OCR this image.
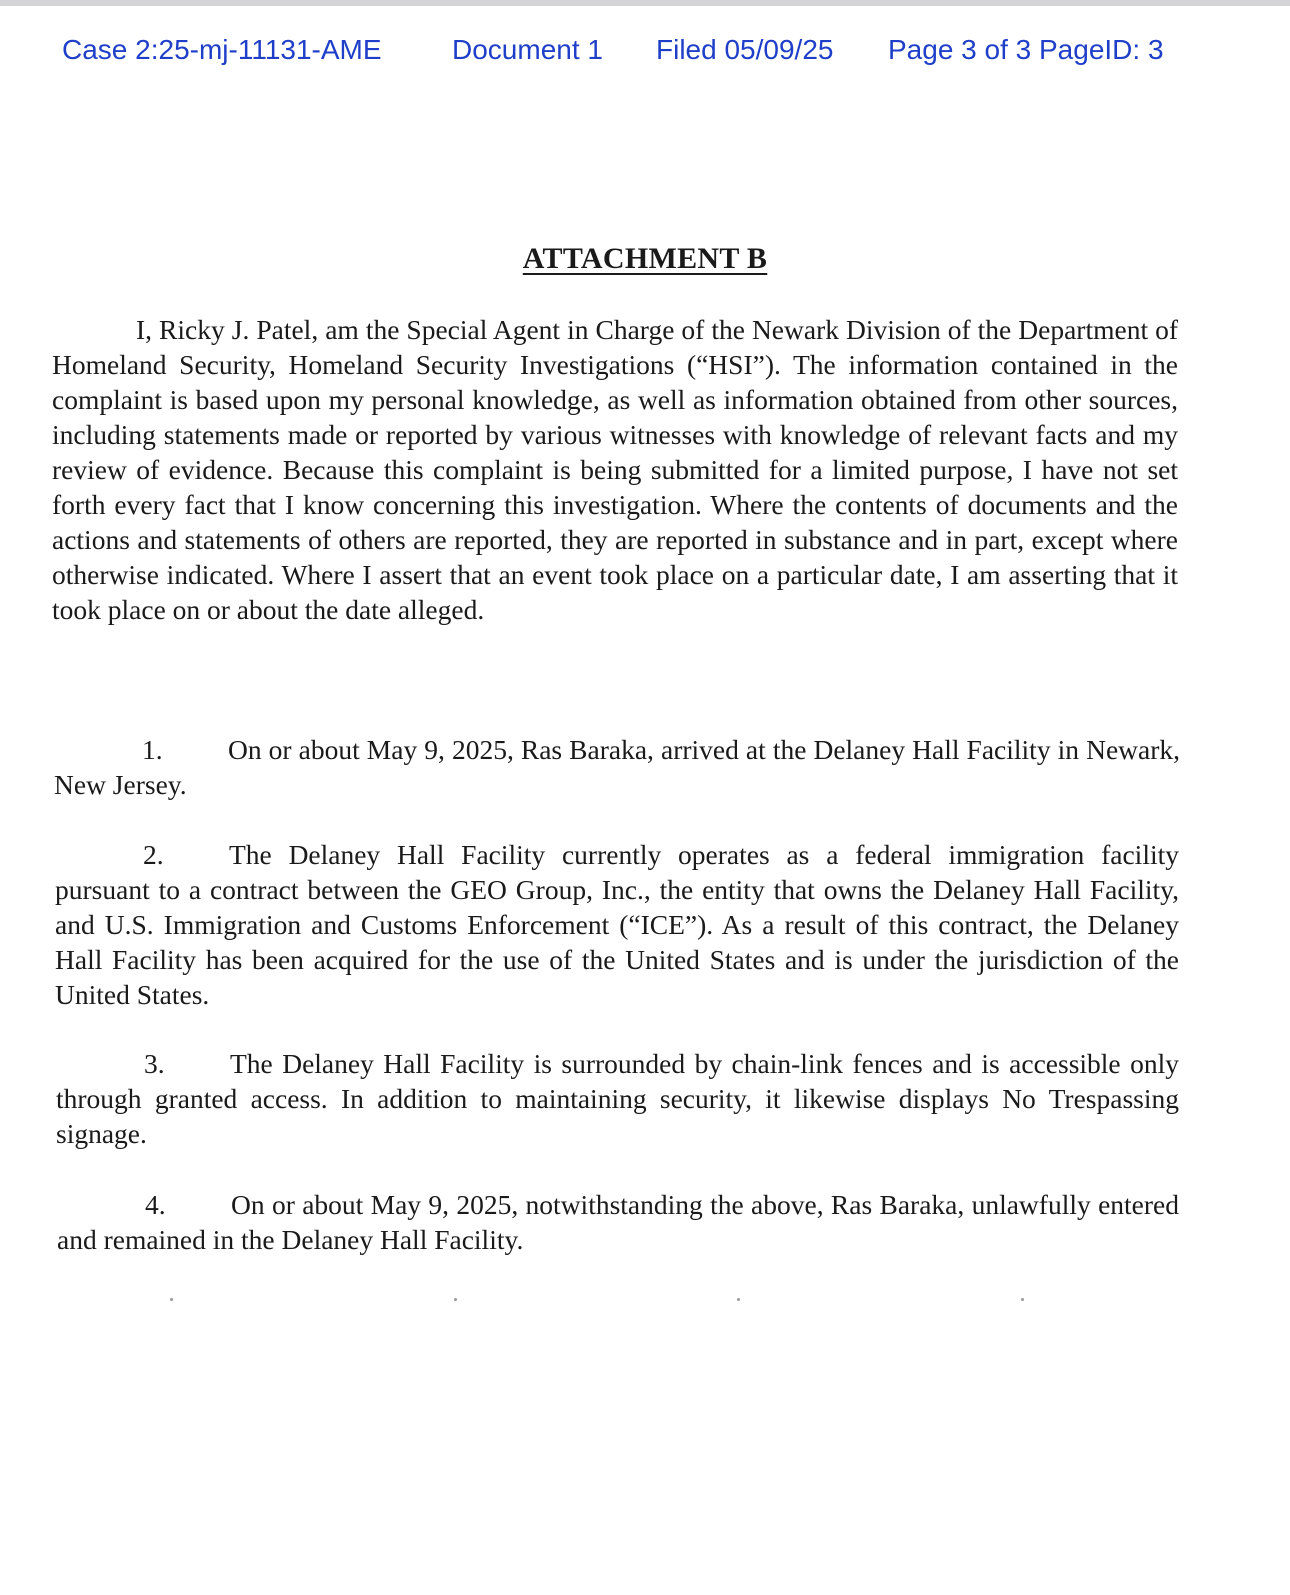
Case 2:25-mj-11131-AME	Document 1 Filed 05/09/25 Page 3 of 3 PageID: 3
ATTACHMENT B

I, Ricky J. Patel, am the Special Agent in Charge of the Newark Division of the Department of Homeland Security, Homeland Security Investigations (“HSI”). The information contained in the complaint is based upon my personal knowledge, as well as information obtained from other sources, including statements made or reported by various witnesses with knowledge of relevant facts and my review of evidence. Because this complaint is being submitted for a limited purpose, I have not set forth every fact that I know concerning this investigation. Where the contents of documents and the actions and statements of others are reported, they are reported in substance and in part, except where otherwise indicated. Where I assert that an event took place on a particular date, I am asserting that it took place on or about the date alleged.

1. On or about May 9, 2025, Ras Baraka, arrived at the Delaney Hall Facility in Newark, New Jersey.

2. The Delaney Hall Facility currently operates as a federal immigration facility pursuant to a contract between the GEO Group, Inc., the entity that owns the Delaney Hall Facility, and U.S. Immigration and Customs Enforcement (“ICE”). As a result of this contract, the Delaney Hall Facility has been acquired for the use of the United States and is under the jurisdiction of the United States.

3. The Delaney Hall Facility is surrounded by chain-link fences and is accessible only through granted access. In addition to maintaining security, it likewise displays No Trespassing signage.

4. On or about May 9, 2025, notwithstanding the above, Ras Baraka, unlawfully entered and remained in the Delaney Hall Facility.
